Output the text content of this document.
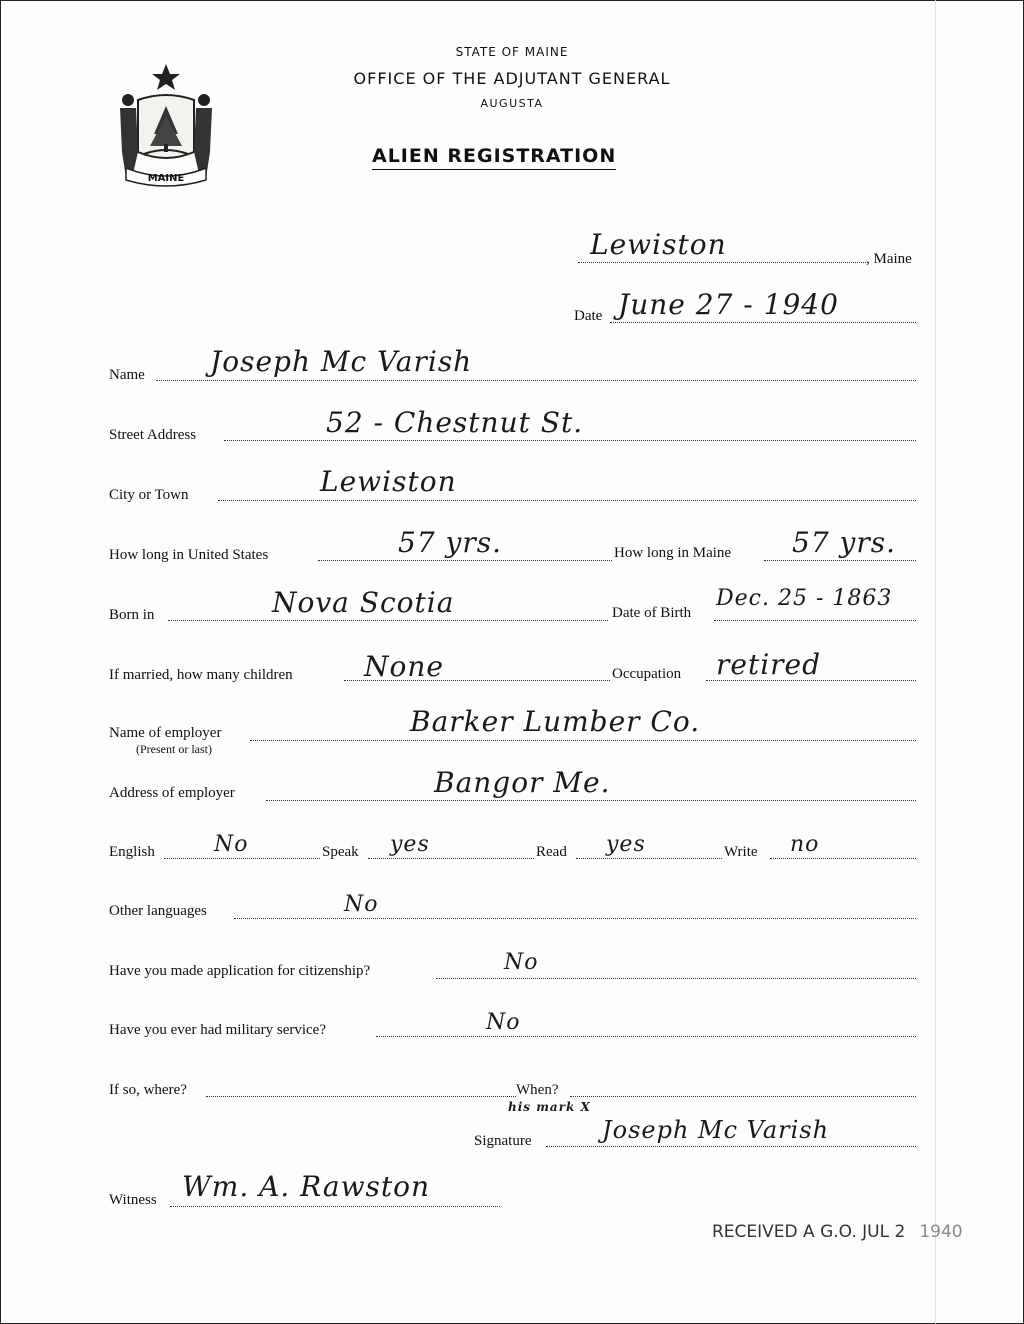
MAINE
STATE OF MAINE
OFFICE OF THE ADJUTANT GENERAL
AUGUSTA
ALIEN REGISTRATION
Lewiston	, Maine
Date June 27 - 1940
Name Joseph Mc Varish
Street Address	52 - Chestnut St.
City or Town	Lewiston
How long in United States	57 yrs.	How long in Maine 57 yrs.
Born in	Nova Scotia	Date of Birth
Dec. 25 - 1863
If married, how many children	None	Occupation retired
Name of employer
(Present or last)
Barker Lumber Co.
Address of employer	Bangor Me.
English	No	Speak yes	Read yes	Write no
Other languages	No
Have you made application for citizenship?	No
Have you ever had military service?	No
If so, where?	When?
Signature
his mark X
Joseph Mc Varish
Witness Wm. A. Rawston
RECEIVED A G.O. JUL 2 1940
